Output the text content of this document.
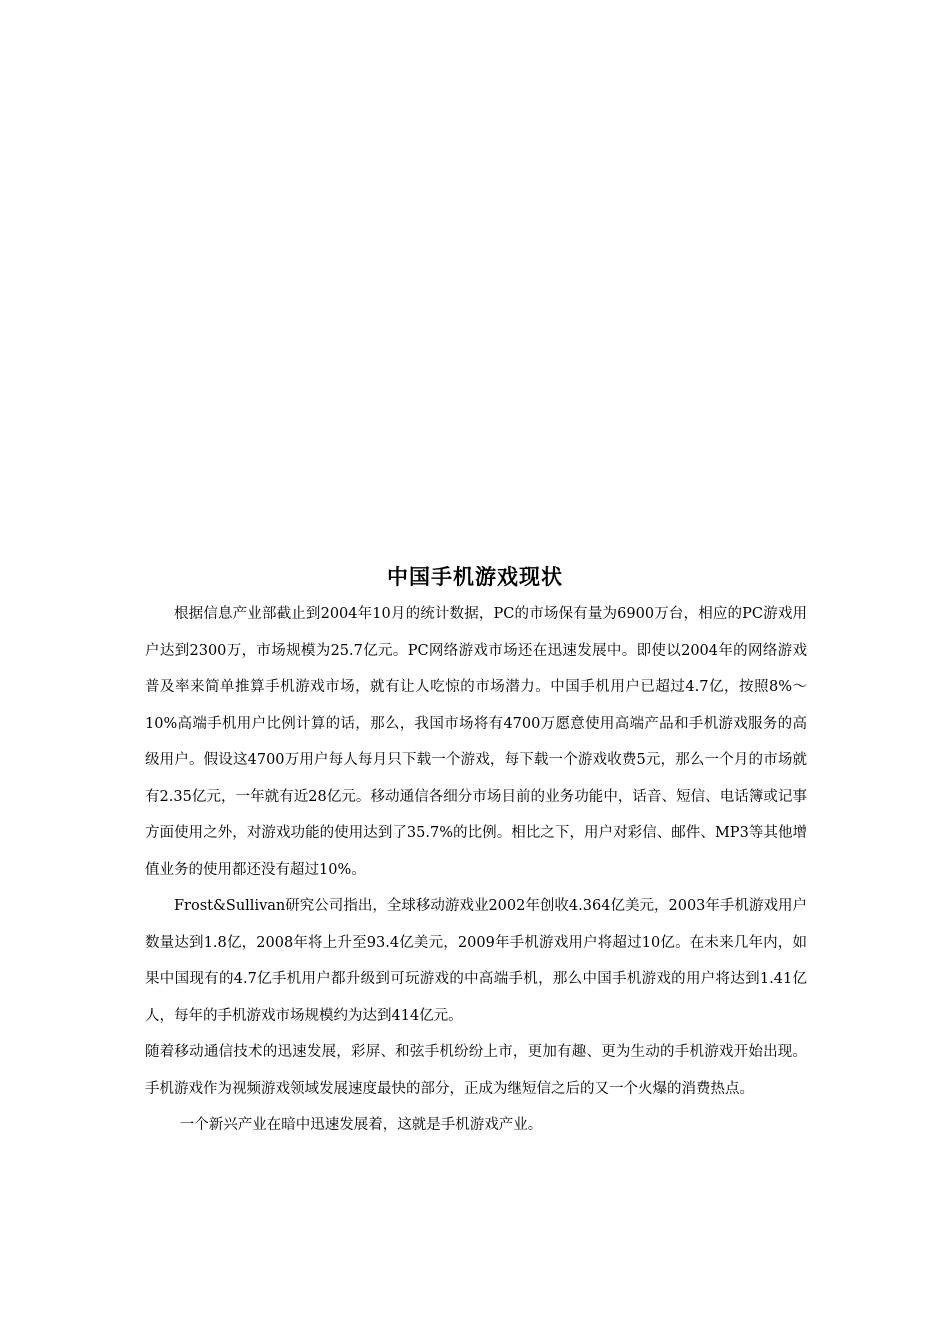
中国手机游戏现状

根据信息产业部截止到2004年10月的统计数据，PC的市场保有量为6900万台，相应的PC游戏用户达到2300万，市场规模为25.7亿元。PC网络游戏市场还在迅速发展中。即使以2004年的网络游戏普及率来简单推算手机游戏市场，就有让人吃惊的市场潜力。中国手机用户已超过4.7亿，按照8%～10%高端手机用户比例计算的话，那么，我国市场将有4700万愿意使用高端产品和手机游戏服务的高级用户。假设这4700万用户每人每月只下载一个游戏，每下载一个游戏收费5元，那么一个月的市场就有2.35亿元，一年就有近28亿元。移动通信各细分市场目前的业务功能中，话音、短信、电话簿或记事方面使用之外，对游戏功能的使用达到了35.7%的比例。相比之下，用户对彩信、邮件、MP3等其他增值业务的使用都还没有超过10%。

Frost&Sullivan研究公司指出，全球移动游戏业2002年创收4.364亿美元，2003年手机游戏用户数量达到1.8亿，2008年将上升至93.4亿美元，2009年手机游戏用户将超过10亿。在未来几年内，如果中国现有的4.7亿手机用户都升级到可玩游戏的中高端手机，那么中国手机游戏的用户将达到1.41亿人，每年的手机游戏市场规模约为达到414亿元。

随着移动通信技术的迅速发展，彩屏、和弦手机纷纷上市，更加有趣、更为生动的手机游戏开始出现。手机游戏作为视频游戏领域发展速度最快的部分，正成为继短信之后的又一个火爆的消费热点。

一个新兴产业在暗中迅速发展着，这就是手机游戏产业。
